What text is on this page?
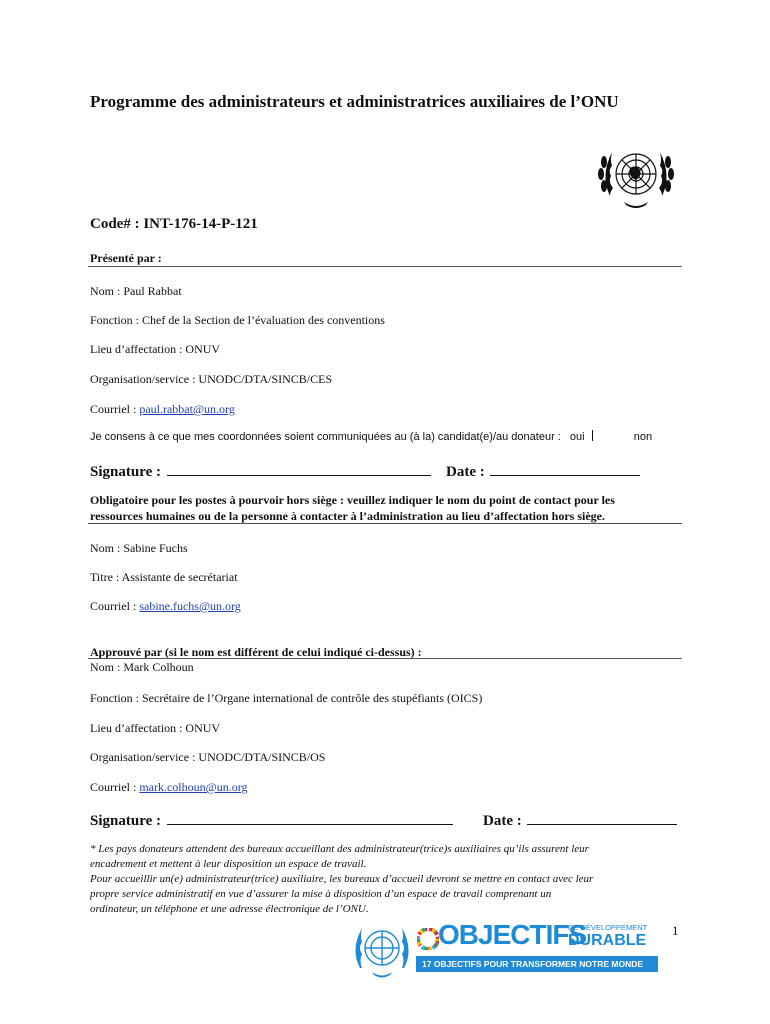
Programme des administrateurs et administratrices auxiliaires de l’ONU
Code# : INT-176-14-P-121
Présenté par :
Nom : Paul Rabbat
Fonction : Chef de la Section de l’évaluation des conventions
Lieu d’affectation : ONUV
Organisation/service : UNODC/DTA/SINCB/CES
Courriel : paul.rabbat@un.org
Je consens à ce que mes coordonnées soient communiquées au (à la) candidat(e)/au donateur : oui	non
Signature :	Date :
Obligatoire pour les postes à pourvoir hors siège : veuillez indiquer le nom du point de contact pour les
ressources humaines ou de la personne à contacter à l’administration au lieu d’affectation hors siège.
Nom : Sabine Fuchs
Titre : Assistante de secrétariat
Courriel : sabine.fuchs@un.org
Approuvé par (si le nom est différent de celui indiqué ci-dessus) :
Nom : Mark Colhoun
Fonction : Secrétaire de l’Organe international de contrôle des stupéfiants (OICS)
Lieu d’affectation : ONUV
Organisation/service : UNODC/DTA/SINCB/OS
Courriel : mark.colhoun@un.org
Signature :	Date :
* Les pays donateurs attendent des bureaux accueillant des administrateur(trice)s auxiliaires qu’ils assurent leur
encadrement et mettent à leur disposition un espace de travail.
Pour accueillir un(e) administrateur(trice) auxiliaire, les bureaux d’accueil devront se mettre en contact avec leur
propre service administratif en vue d’assurer la mise à disposition d’un espace de travail comprenant un
ordinateur, un téléphone et une adresse électronique de l’ONU.
1
OBJECTIFS
DE DÉVELOPPEMENT
DURABLE
17 OBJECTIFS POUR TRANSFORMER NOTRE MONDE
